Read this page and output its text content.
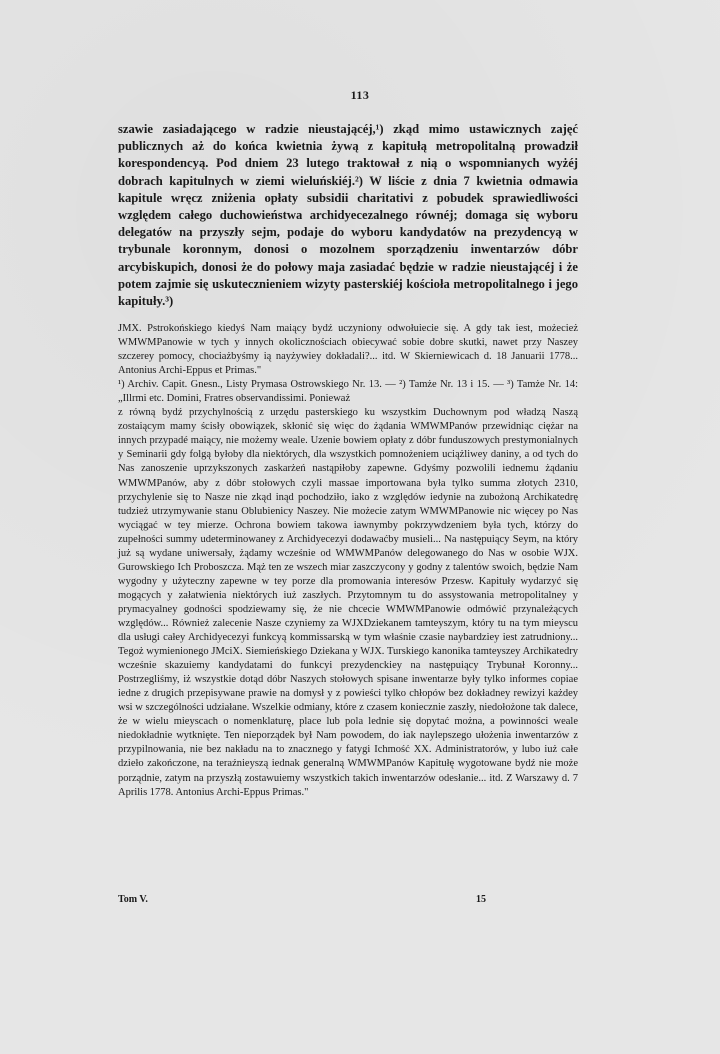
113

szawie zasiadającego w radzie nieustającéj,¹) zkąd mimo ustawicznych zajęć publicznych aż do końca kwietnia żywą z kapitułą metropolitalną prowadził korespondencyą. Pod dniem 23 lutego traktował z nią o wspomnianych wyżéj dobrach kapitulnych w ziemi wieluńskiéj.²) W liście z dnia 7 kwietnia odmawia kapitule wręcz zniżenia opłaty subsidii charitativi z pobudek sprawiedliwości względem całego duchowieństwa archidyecezalnego równéj; domaga się wyboru delegatów na przyszły sejm, podaje do wyboru kandydatów na prezydencyą w trybunale koronnym, donosi o mozolnem sporządzeniu inwentarzów dóbr arcybiskupich, donosi że do połowy maja zasiadać będzie w radzie nieustającéj i że potem zajmie się uskutecznieniem wizyty pasterskiéj kościoła metropolitalnego i jego kapituły.³)

JMX. Pstrokońskiego kiedyś Nam maiący bydź uczyniony odwołuiecie się. A gdy tak iest, możecież WMWMPanowie w tych y innych okolicznościach obiecywać sobie dobre skutki, nawet przy Naszey szczerey pomocy, chociażbyśmy ią nayżywiey dokładali?... itd. W Skierniewicach d. 18 Januarii 1778... Antonius Archi-Eppus et Primas."

¹) Archiv. Capit. Gnesn., Listy Prymasa Ostrowskiego Nr. 13. — ²) Tamże Nr. 13 i 15. — ³) Tamże Nr. 14: „Illrmi etc. Domini, Fratres observandissimi. Ponieważ

z równą bydź przychylnością z urzędu pasterskiego ku wszystkim Duchownym pod władzą Naszą zostaiącym mamy ścisły obowiązek, skłonić się więc do żądania WMWMPanów przewidniąc ciężar na innych przypadé maiący, nie możemy weale. Uzenie bowiem opłaty z dóbr funduszowych prestymonialnych y Seminarii gdy folgą byłoby dla niektórych, dla wszystkich pomnożeniem uciążliwey daniny, a od tych do Nas zanoszenie uprzykszonych zaskarżeń nastąpiłoby zapewne. Gdyśmy pozwolili iednemu żądaniu WMWMPanów, aby z dóbr stołowych czyli massae importowana była tylko summa złotych 2310, przychylenie się to Nasze nie zkąd inąd pochodziło, iako z względów iedynie na zubożoną Archikatedrę tudzież utrzymywanie stanu Oblubienicy Naszey. Nie możecie zatym WMWMPanowie nic więcey po Nas wyciągać w tey mierze. Ochrona bowiem takowa iawnymby pokrzywdzeniem była tych, którzy do zupełności summy udeterminowaney z Archidyecezyi dodawaćby musieli... Na następuiący Seym, na który już są wydane uniwersały, żądamy wcześnie od WMWMPanów delegowanego do Nas w osobie WJX. Gurowskiego Ich Proboszcza. Mąż ten ze wszech miar zaszczycony y godny z talentów swoich, będzie Nam wygodny y użyteczny zapewne w tey porze dla promowania interesów Przesw. Kapituły wydarzyć się mogących y załatwienia niektórych iuż zaszłych. Przytomnym tu do assystowania metropolitalney y prymacyalney godności spodziewamy się, że nie chcecie WMWMPanowie odmówić przynależących względów... Również zalecenie Nasze czyniemy za WJXDziekanem tamteyszym, który tu na tym mieyscu dla usługi całey Archidyecezyi funkcyą kommissarską w tym właśnie czasie naybardziey iest zatrudniony... Tegoż wymienionego JMciX. Siemieńskiego Dziekana y WJX. Turskiego kanonika tamteyszey Archikatedry wcześnie skazuiemy kandydatami do funkcyi prezydenckiey na następuiący Trybunał Koronny... Postrzegliśmy, iż wszystkie dotąd dóbr Naszych stołowych spisane inwentarze były tylko informes copiae iedne z drugich przepisywane prawie na domysł y z powieści tylko chłopów bez dokładney rewizyi każdey wsi w szczególności udziałane. Wszelkie odmiany, które z czasem koniecznie zaszły, niedołożone tak dalece, że w wielu mieyscach o nomenklaturę, place lub pola lednie się dopytać można, a powinności weale niedokładnie wytknięte. Ten nieporządek był Nam powodem, do iak naylepszego ułożenia inwentarzów z przypilnowania, nie bez nakładu na to znacznego y fatygi Ichmość XX. Administratorów, y lubo iuż całe dzieło zakończone, na teraźnieyszą iednak generalną WMWMPanów Kapitułę wygotowane bydź nie może porządnie, zatym na przyszłą zostawuiemy wszystkich takich inwentarzów odesłanie... itd. Z Warszawy d. 7 Aprilis 1778. Antonius Archi-Eppus Primas."

Tom V.	15
